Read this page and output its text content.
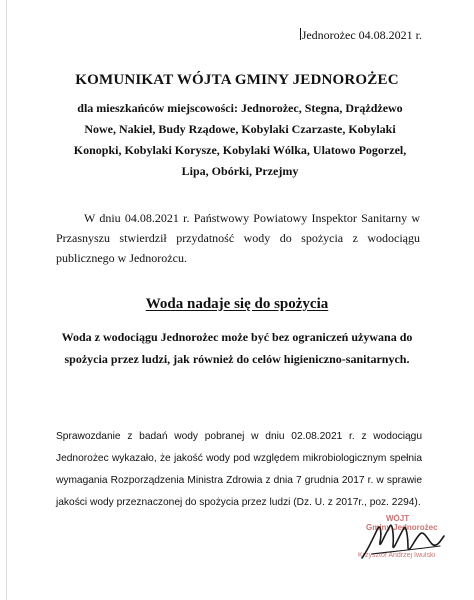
Jednorożec 04.08.2021 r.
KOMUNIKAT WÓJTA GMINY JEDNOROŻEC
dla mieszkańców miejscowości: Jednorożec, Stegna, Drążdżewo Nowe, Nakieł, Budy Rządowe, Kobylaki Czarzaste, Kobylaki Konopki, Kobylaki Korysze, Kobylaki Wólka, Ulatowo Pogorzel, Lipa, Obórki, Przejmy
W dniu 04.08.2021 r. Państwowy Powiatowy Inspektor Sanitarny w Przasnyszu stwierdził przydatność wody do spożycia z wodociągu publicznego w Jednorożcu.
Woda nadaje się do spożycia
Woda z wodociągu Jednorożec może być bez ograniczeń używana do spożycia przez ludzi, jak również do celów higieniczno-sanitarnych.
Sprawozdanie z badań wody pobranej w dniu 02.08.2021 r. z wodociągu Jednorożec wykazało, że jakość wody pod względem mikrobiologicznym spełnia wymagania Rozporządzenia Ministra Zdrowia z dnia 7 grudnia 2017 r. w sprawie jakości wody przeznaczonej do spożycia przez ludzi (Dz. U. z 2017r., poz. 2294).
WÓJT
Gminy Jednorożec
Krzysztof Andrzej Iwulski
